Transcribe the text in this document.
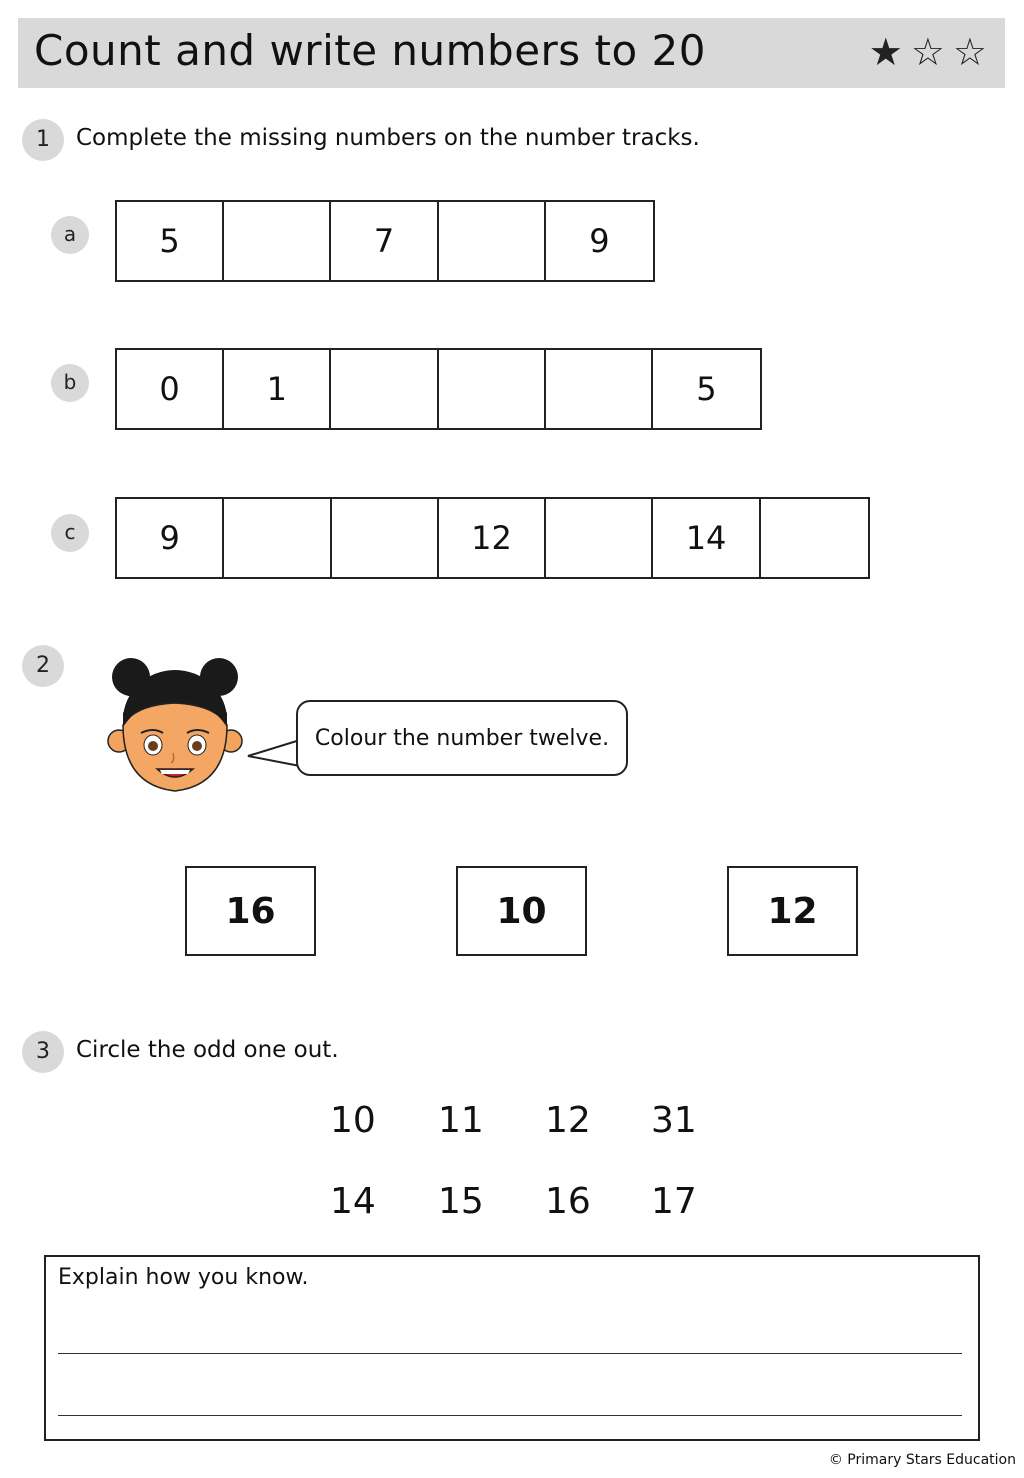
Count and write numbers to 20	★ ☆ ☆
1	Complete the missing numbers on the number tracks.
a	5	7	9
b	0	1	5
c	9	12	14
2
Colour the number twelve.
16	10	12
3	Circle the odd one out.
10	11	12	31
14	15	16	17
Explain how you know.
© Primary Stars Education
